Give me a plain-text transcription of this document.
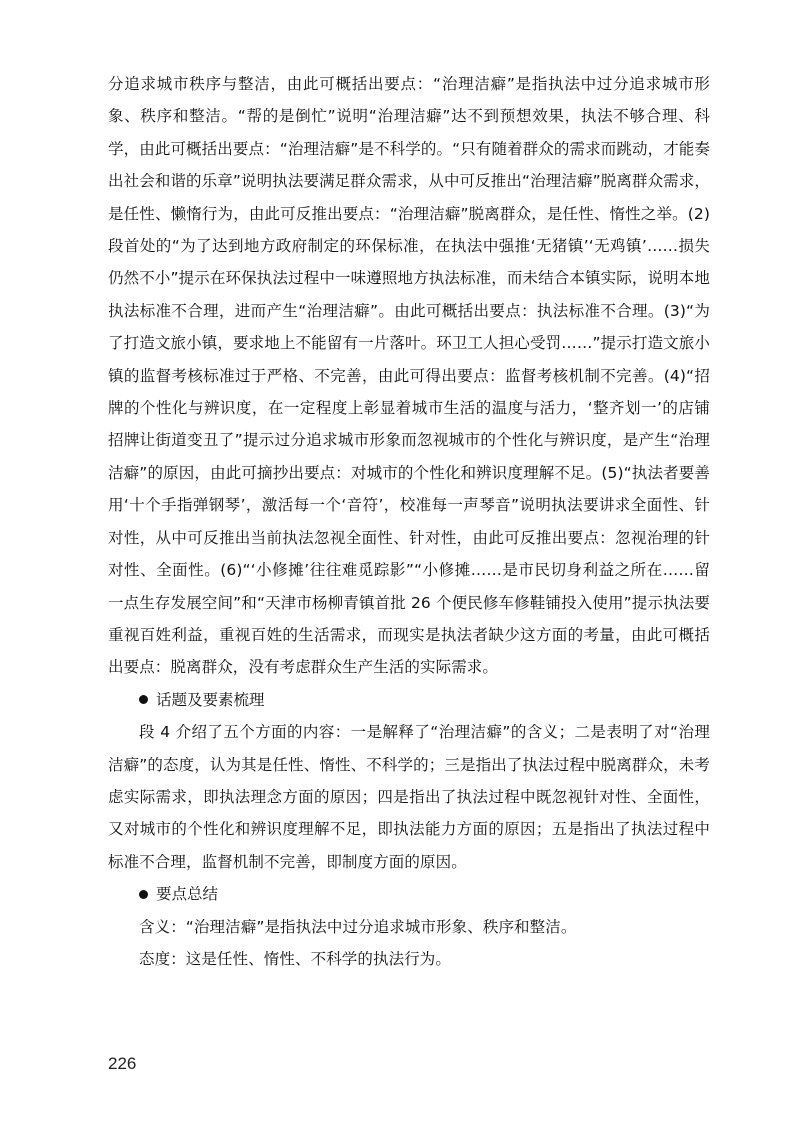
分追求城市秩序与整洁，由此可概括出要点：“治理洁癖”是指执法中过分追求城市形象、秩序和整洁。“帮的是倒忙”说明“治理洁癖”达不到预想效果，执法不够合理、科学，由此可概括出要点：“治理洁癖”是不科学的。“只有随着群众的需求而跳动，才能奏出社会和谐的乐章”说明执法要满足群众需求，从中可反推出“治理洁癖”脱离群众需求，是任性、懒惰行为，由此可反推出要点：“治理洁癖”脱离群众，是任性、惰性之举。(2) 段首处的“为了达到地方政府制定的环保标准，在执法中强推‘无猪镇’‘无鸡镇’……损失仍然不小”提示在环保执法过程中一味遵照地方执法标准，而未结合本镇实际，说明本地执法标准不合理，进而产生“治理洁癖”。由此可概括出要点：执法标准不合理。(3)“为了打造文旅小镇，要求地上不能留有一片落叶。环卫工人担心受罚……”提示打造文旅小镇的监督考核标准过于严格、不完善，由此可得出要点：监督考核机制不完善。(4)“招牌的个性化与辨识度，在一定程度上彰显着城市生活的温度与活力，‘整齐划一’的店铺招牌让街道变丑了”提示过分追求城市形象而忽视城市的个性化与辨识度，是产生“治理洁癖”的原因，由此可摘抄出要点：对城市的个性化和辨识度理解不足。(5)“执法者要善用‘十个手指弹钢琴’，激活每一个‘音符’，校准每一声琴音”说明执法要讲求全面性、针对性，从中可反推出当前执法忽视全面性、针对性，由此可反推出要点：忽视治理的针对性、全面性。(6)“‘小修摊’往往难觅踪影”“小修摊……是市民切身利益之所在……留一点生存发展空间”和“天津市杨柳青镇首批 26 个便民修车修鞋铺投入使用”提示执法要重视百姓利益，重视百姓的生活需求，而现实是执法者缺少这方面的考量，由此可概括出要点：脱离群众，没有考虑群众生产生活的实际需求。

话题及要素梳理

段 4 介绍了五个方面的内容：一是解释了“治理洁癖”的含义；二是表明了对“治理洁癖”的态度，认为其是任性、惰性、不科学的；三是指出了执法过程中脱离群众，未考虑实际需求，即执法理念方面的原因；四是指出了执法过程中既忽视针对性、全面性，又对城市的个性化和辨识度理解不足，即执法能力方面的原因；五是指出了执法过程中标准不合理，监督机制不完善，即制度方面的原因。

要点总结

含义：“治理洁癖”是指执法中过分追求城市形象、秩序和整洁。

态度：这是任性、惰性、不科学的执法行为。

226
